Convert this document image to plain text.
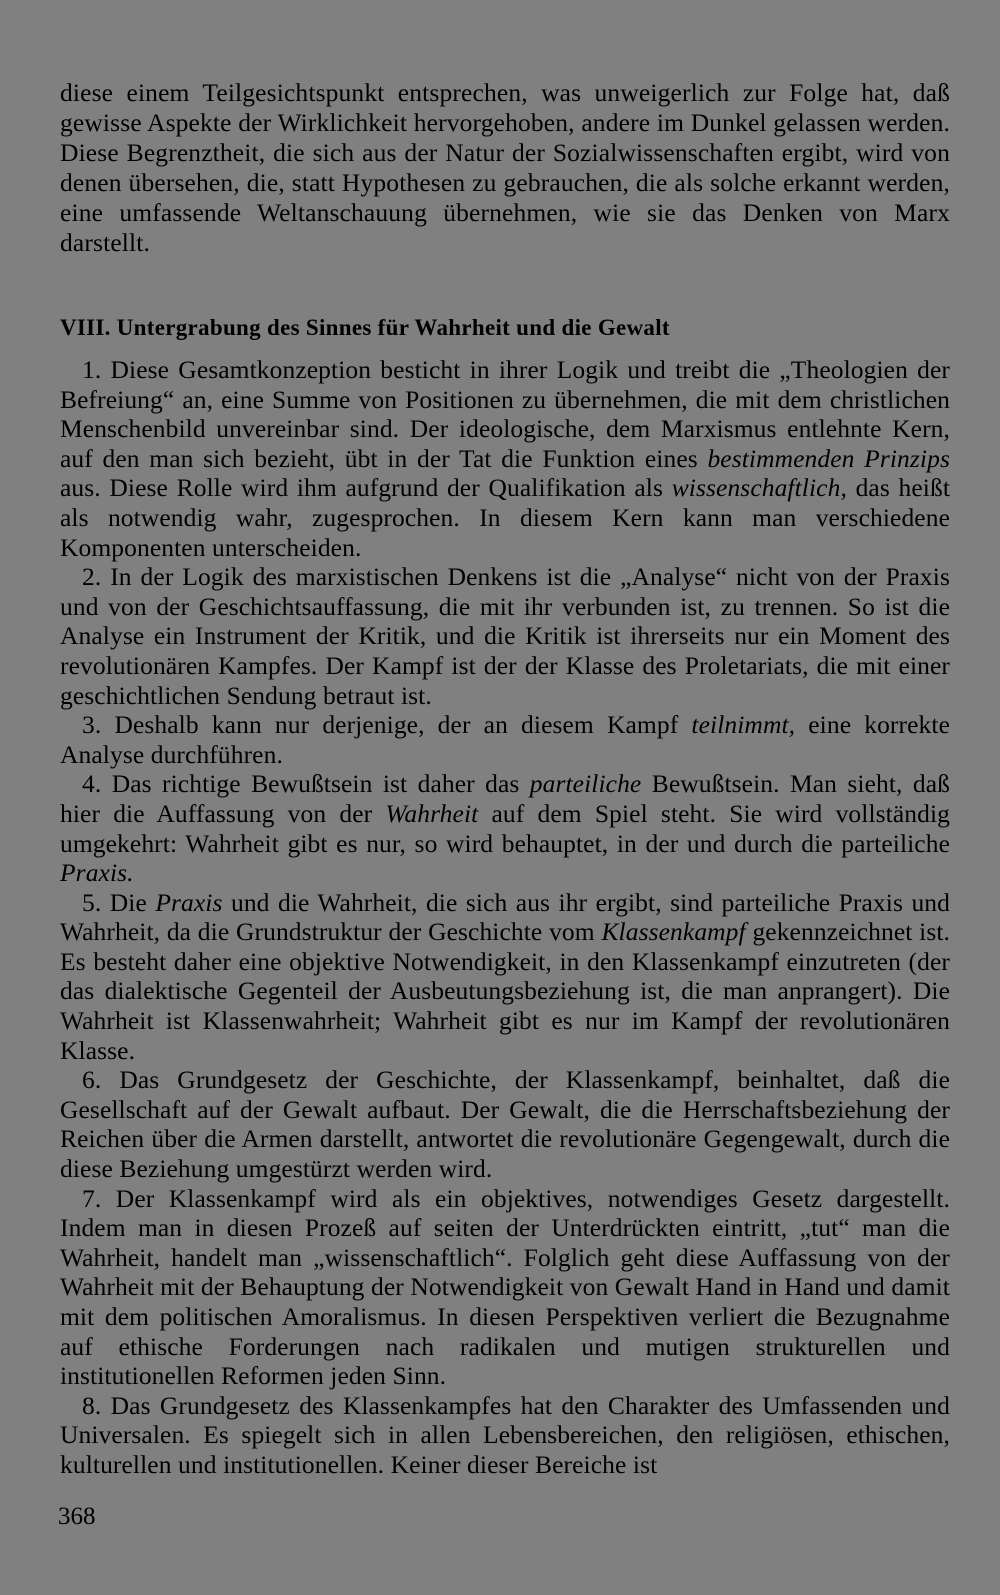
diese einem Teilgesichtspunkt entsprechen, was unweigerlich zur Folge hat, daß gewisse Aspekte der Wirklichkeit hervorgehoben, andere im Dunkel gelassen werden. Diese Begrenztheit, die sich aus der Natur der Sozialwissenschaften ergibt, wird von denen übersehen, die, statt Hypothesen zu gebrauchen, die als solche erkannt werden, eine umfassende Weltanschauung übernehmen, wie sie das Denken von Marx darstellt.

VIII. Untergrabung des Sinnes für Wahrheit und die Gewalt

1. Diese Gesamtkonzeption besticht in ihrer Logik und treibt die „Theologien der Befreiung“ an, eine Summe von Positionen zu übernehmen, die mit dem christlichen Menschenbild unvereinbar sind. Der ideologische, dem Marxismus entlehnte Kern, auf den man sich bezieht, übt in der Tat die Funktion eines bestimmenden Prinzips aus. Diese Rolle wird ihm aufgrund der Qualifikation als wissenschaftlich, das heißt als notwendig wahr, zugesprochen. In diesem Kern kann man verschiedene Komponenten unterscheiden.

2. In der Logik des marxistischen Denkens ist die „Analyse“ nicht von der Praxis und von der Geschichtsauffassung, die mit ihr verbunden ist, zu trennen. So ist die Analyse ein Instrument der Kritik, und die Kritik ist ihrerseits nur ein Moment des revolutionären Kampfes. Der Kampf ist der der Klasse des Proletariats, die mit einer geschichtlichen Sendung betraut ist.

3. Deshalb kann nur derjenige, der an diesem Kampf teilnimmt, eine korrekte Analyse durchführen.

4. Das richtige Bewußtsein ist daher das parteiliche Bewußtsein. Man sieht, daß hier die Auffassung von der Wahrheit auf dem Spiel steht. Sie wird vollständig umgekehrt: Wahrheit gibt es nur, so wird behauptet, in der und durch die parteiliche Praxis.

5. Die Praxis und die Wahrheit, die sich aus ihr ergibt, sind parteiliche Praxis und Wahrheit, da die Grundstruktur der Geschichte vom Klassenkampf gekennzeichnet ist. Es besteht daher eine objektive Notwendigkeit, in den Klassenkampf einzutreten (der das dialektische Gegenteil der Ausbeutungsbeziehung ist, die man anprangert). Die Wahrheit ist Klassenwahrheit; Wahrheit gibt es nur im Kampf der revolutionären Klasse.

6. Das Grundgesetz der Geschichte, der Klassenkampf, beinhaltet, daß die Gesellschaft auf der Gewalt aufbaut. Der Gewalt, die die Herrschaftsbeziehung der Reichen über die Armen darstellt, antwortet die revolutionäre Gegengewalt, durch die diese Beziehung umgestürzt werden wird.

7. Der Klassenkampf wird als ein objektives, notwendiges Gesetz dargestellt. Indem man in diesen Prozeß auf seiten der Unterdrückten eintritt, „tut“ man die Wahrheit, handelt man „wissenschaftlich“. Folglich geht diese Auffassung von der Wahrheit mit der Behauptung der Notwendigkeit von Gewalt Hand in Hand und damit mit dem politischen Amoralismus. In diesen Perspektiven verliert die Bezugnahme auf ethische Forderungen nach radikalen und mutigen strukturellen und institutionellen Reformen jeden Sinn.

8. Das Grundgesetz des Klassenkampfes hat den Charakter des Umfassenden und Universalen. Es spiegelt sich in allen Lebensbereichen, den religiösen, ethischen, kulturellen und institutionellen. Keiner dieser Bereiche ist

368
